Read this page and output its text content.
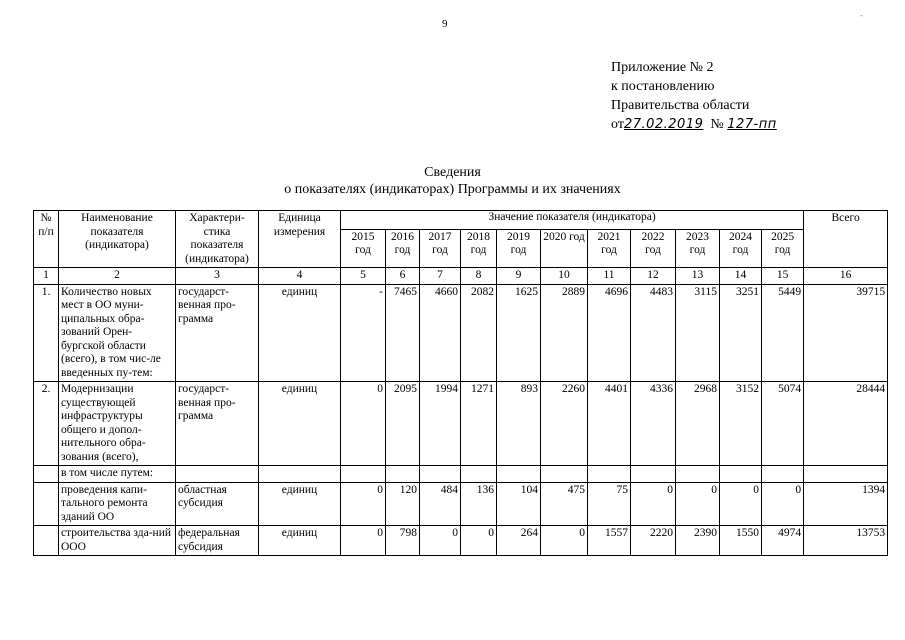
9
-
Приложение № 2
к постановлению
Правительства области
от27.02.2019 № 127-пп
Сведения
о показателях (индикаторах) Программы и их значениях
№ п/п	Наименование показателя (индикатора)	Характери-стика показателя (индикатора)	Единица измерения	Значение показателя (индикатора)											Всего
				2015 год	2016 год	2017 год	2018 год	2019 год	2020 год	2021 год	2022 год	2023 год	2024 год	2025 год	
1	2	3	4	5	6	7	8	9	10	11	12	13	14	15	16
1.	Количество новых мест в ОО муни-ципальных обра-зований Орен-бургской области (всего), в том чис-ле введенных пу-тем:	государст-венная про-грамма	единиц	-	7465	4660	2082	1625	2889	4696	4483	3115	3251	5449	39715
2.	Модернизации существующей инфраструктуры общего и допол-нительного обра-зования (всего),	государст-венная про-грамма	единиц	0	2095	1994	1271	893	2260	4401	4336	2968	3152	5074	28444
	в том числе путем:														
	проведения капи-тального ремонта зданий ОО	областная субсидия	единиц	0	120	484	136	104	475	75	0	0	0	0	1394
	строительства зда-ний ООО	федеральная субсидия	единиц	0	798	0	0	264	0	1557	2220	2390	1550	4974	13753
